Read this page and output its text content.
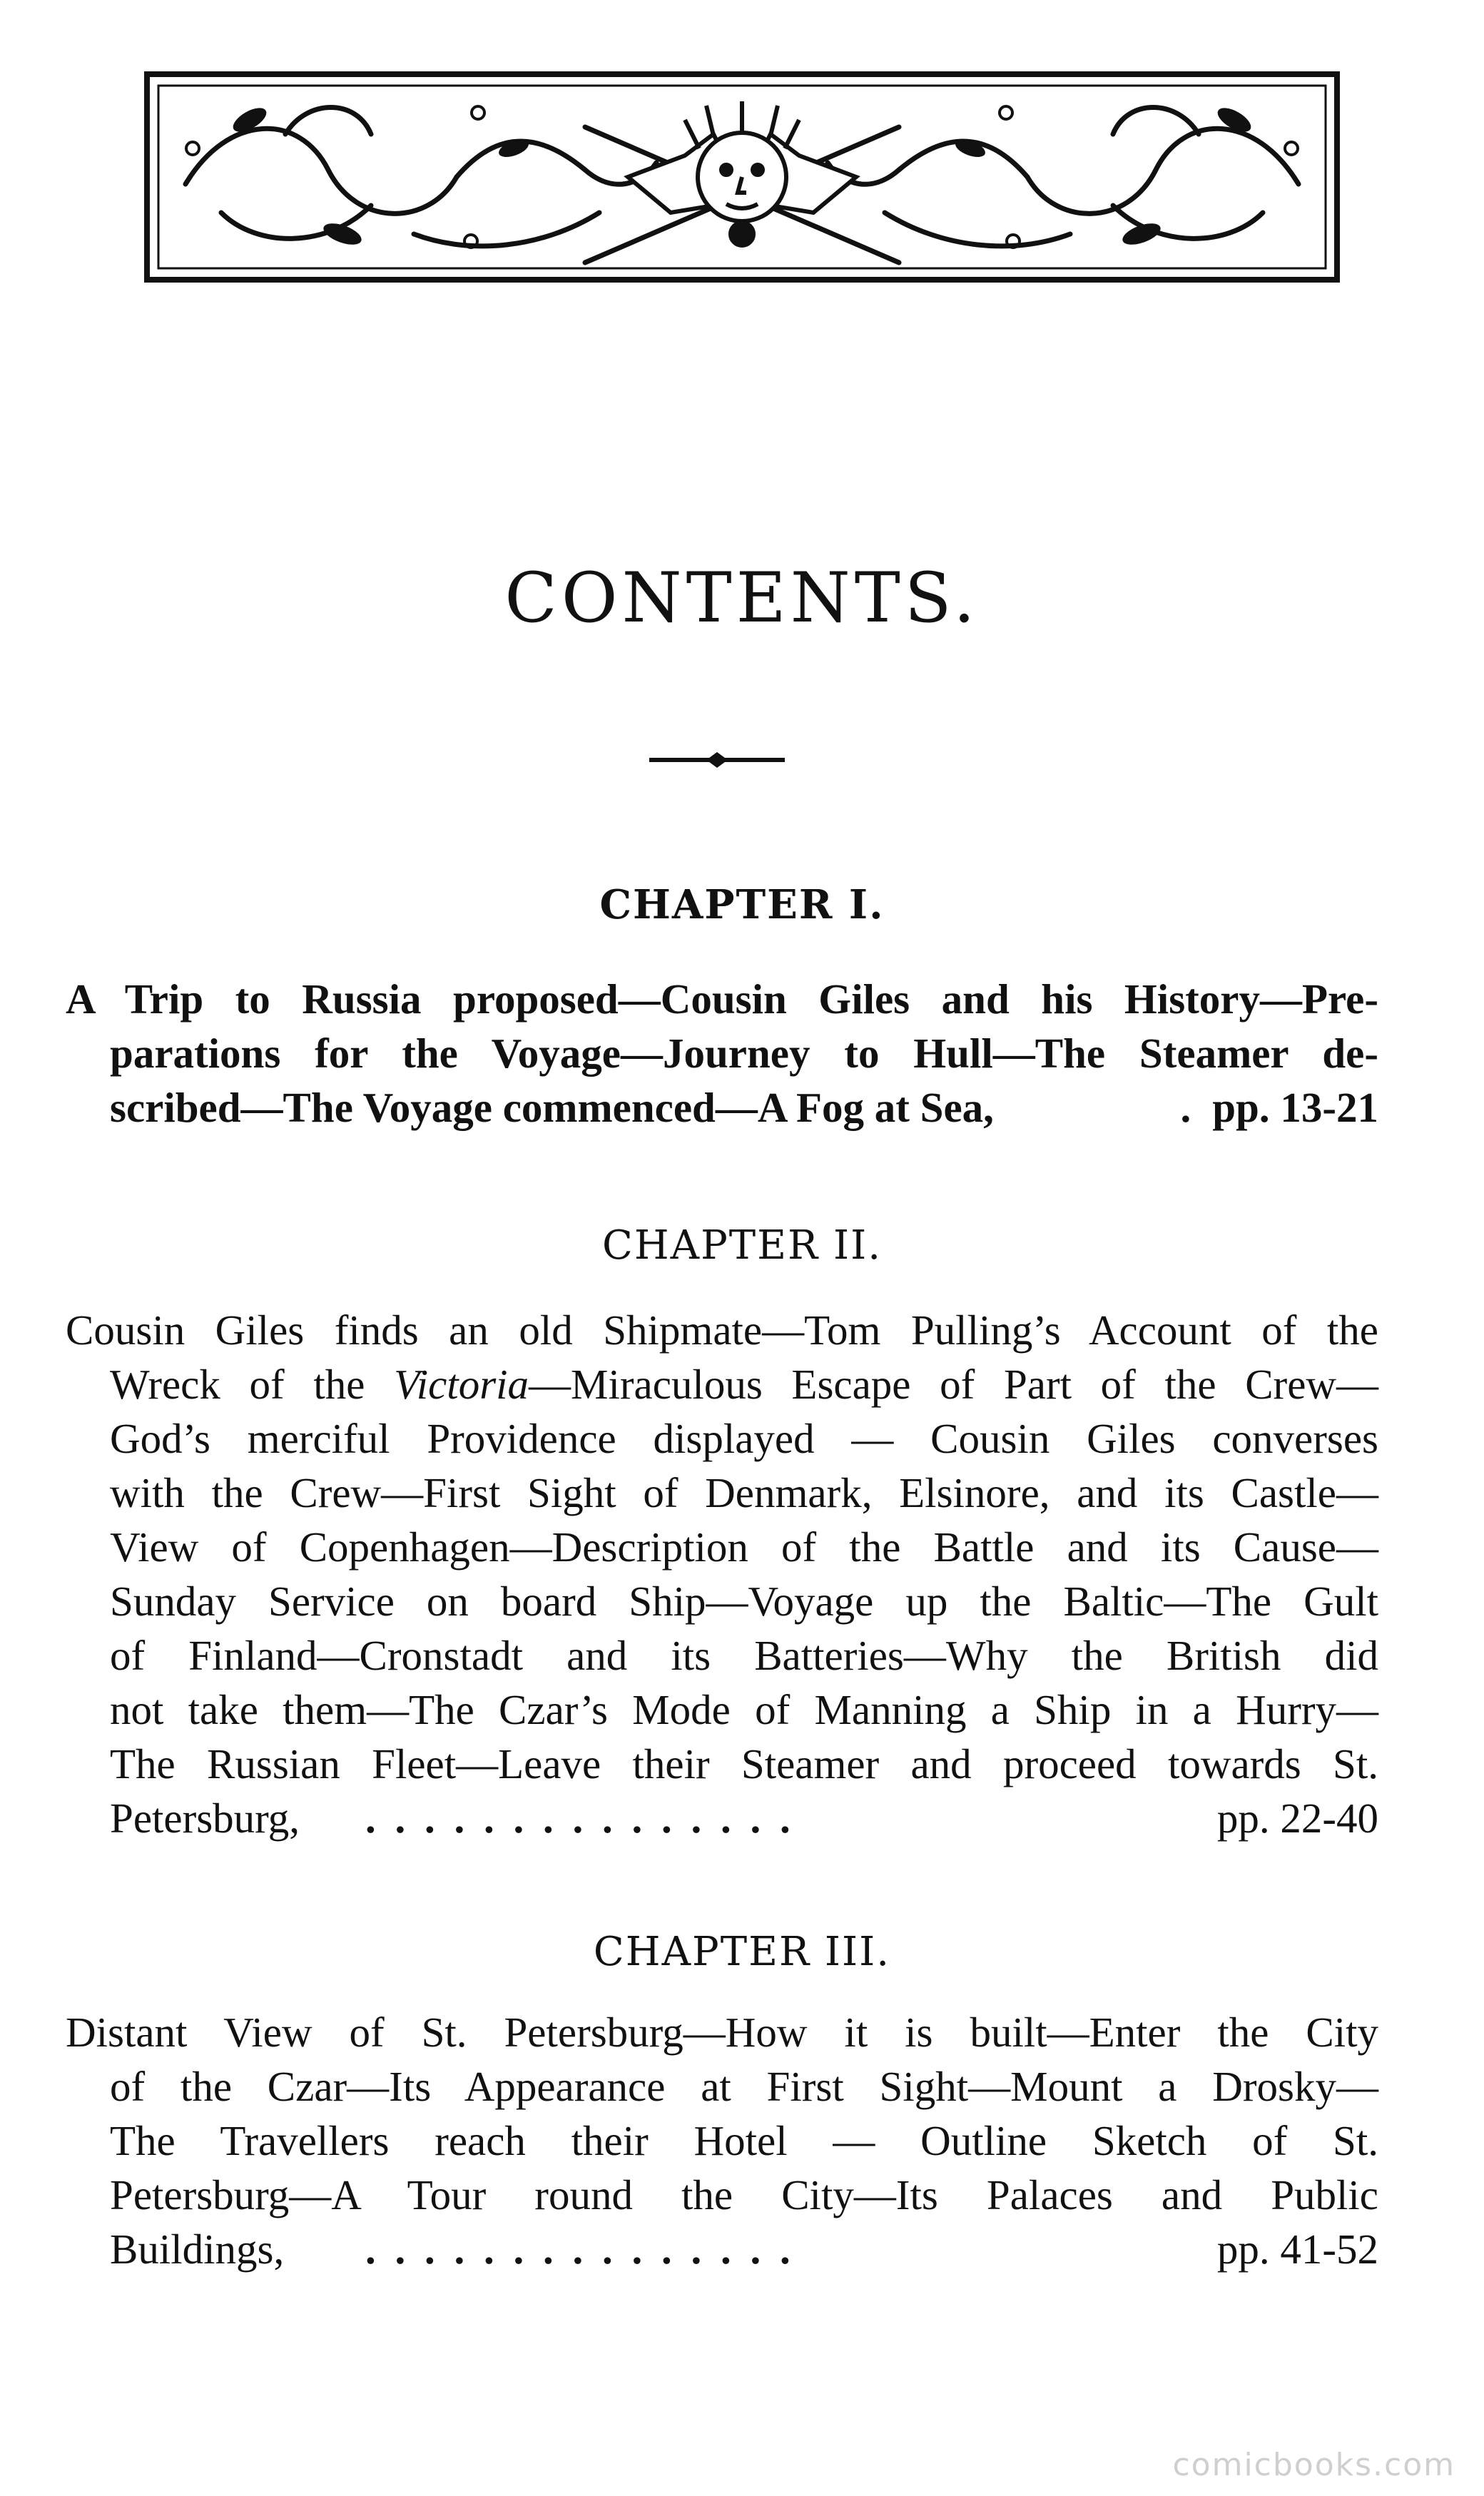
CONTENTS.
CHAPTER I.
A Trip to Russia proposed—Cousin Giles and his History—Pre-
parations for the Voyage—Journey to Hull—The Steamer de-
scribed—The Voyage commenced—A Fog at Sea,	. pp. 13-21
CHAPTER II.
Cousin Giles finds an old Shipmate—Tom Pulling’s Account of the
Wreck of the Victoria—Miraculous Escape of Part of the Crew—
God’s merciful Providence displayed — Cousin Giles converses
with the Crew—First Sight of Denmark, Elsinore, and its Castle—
View of Copenhagen—Description of the Battle and its Cause—
Sunday Service on board Ship—Voyage up the Baltic—The Gult
of Finland—Cronstadt and its Batteries—Why the British did
not take them—The Czar’s Mode of Manning a Ship in a Hurry—
The Russian Fleet—Leave their Steamer and proceed towards St.
Petersburg, . . . . . . . . . . . . . . .	pp. 22-40
CHAPTER III.
Distant View of St. Petersburg—How it is built—Enter the City
of the Czar—Its Appearance at First Sight—Mount a Drosky—
The Travellers reach their Hotel — Outline Sketch of St.
Petersburg—A Tour round the City—Its Palaces and Public
Buildings, . . . . . . . . . . . . . . .	pp. 41-52
comicbooks.com
